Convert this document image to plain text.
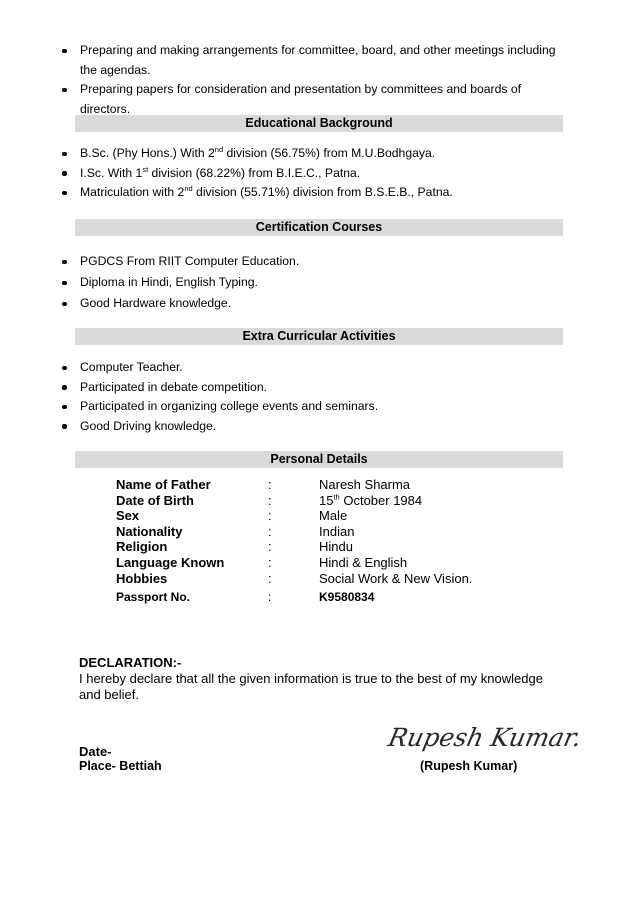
Preparing and making arrangements for committee, board, and other meetings including
the agendas.
Preparing papers for consideration and presentation by committees and boards of directors.
Educational Background
B.Sc. (Phy Hons.) With 2nd division (56.75%) from M.U.Bodhgaya.
I.Sc. With 1st division (68.22%) from B.I.E.C., Patna.
Matriculation with 2nd division (55.71%) division from B.S.E.B., Patna.
Certification Courses
PGDCS From RIIT Computer Education.
Diploma in Hindi, English Typing.
Good Hardware knowledge.
Extra Curricular Activities
Computer Teacher.
Participated in debate competition.
Participated in organizing college events and seminars.
Good Driving knowledge.
Personal Details
Name of Father	:	Naresh Sharma
Date of Birth	:	15th October 1984
Sex	:	Male
Nationality	:	Indian
Religion	:	Hindu
Language Known	:	Hindi & English
Hobbies	:	Social Work & New Vision.
Passport No.	:	K9580834
DECLARATION:-
I hereby declare that all the given information is true to the best of my knowledge and belief.
Rupesh Kumar.
Date-
Place- Bettiah	(Rupesh Kumar)
